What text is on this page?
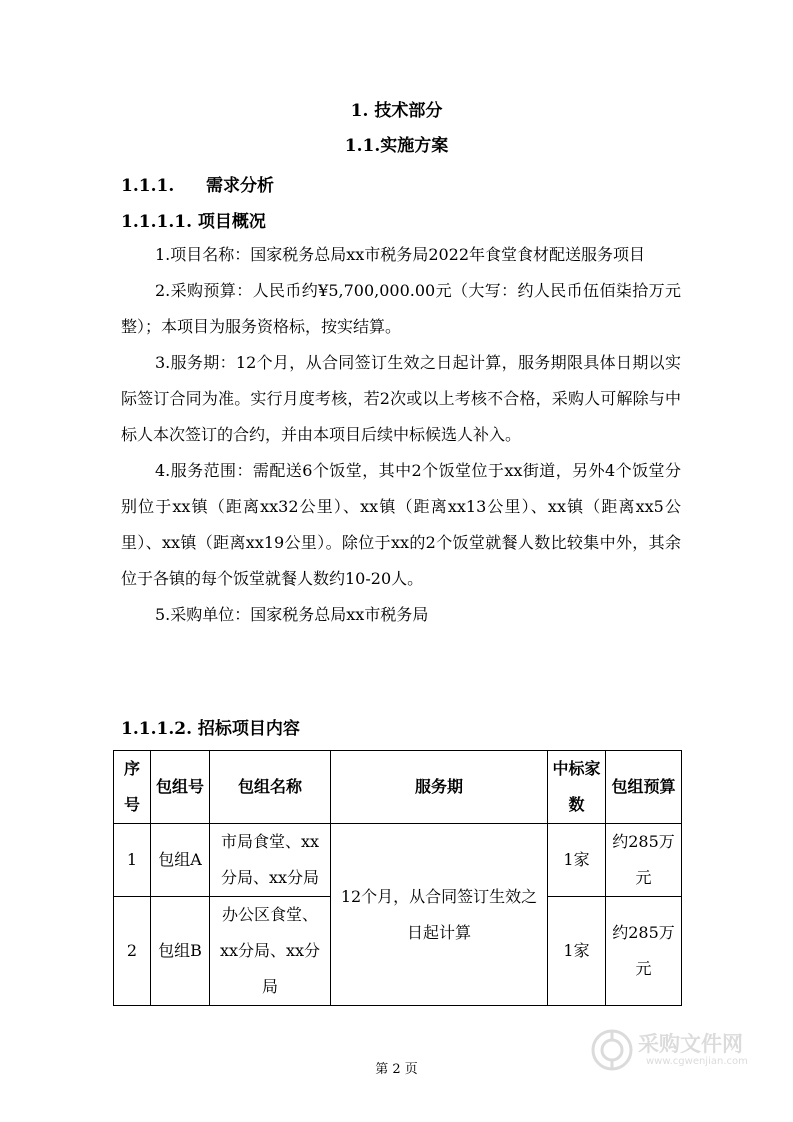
1. 技术部分
1.1.实施方案
1.1.1. 需求分析
1.1.1.1. 项目概况

1.项目名称：国家税务总局xx市税务局2022年食堂食材配送服务项目

2.采购预算：人民币约¥5,700,000.00元（大写：约人民币伍佰柒拾万元整）；本项目为服务资格标，按实结算。

3.服务期：12个月，从合同签订生效之日起计算，服务期限具体日期以实际签订合同为准。实行月度考核，若2次或以上考核不合格，采购人可解除与中标人本次签订的合约，并由本项目后续中标候选人补入。

4.服务范围：需配送6个饭堂，其中2个饭堂位于xx街道，另外4个饭堂分别位于xx镇（距离xx32公里）、xx镇（距离xx13公里）、xx镇（距离xx5公里）、xx镇（距离xx19公里）。除位于xx的2个饭堂就餐人数比较集中外，其余位于各镇的每个饭堂就餐人数约10-20人。

5.采购单位：国家税务总局xx市税务局

1.1.1.2. 招标项目内容
序号	包组号	包组名称	服务期	中标家数	包组预算
1	包组A	市局食堂、xx分局、xx分局	12个月，从合同签订生效之日起计算	1家	约285万元
2	包组B	办公区食堂、xx分局、xx分局		1家	约285万元
第 2 页
采购文件网
www.cgwenjian.com
